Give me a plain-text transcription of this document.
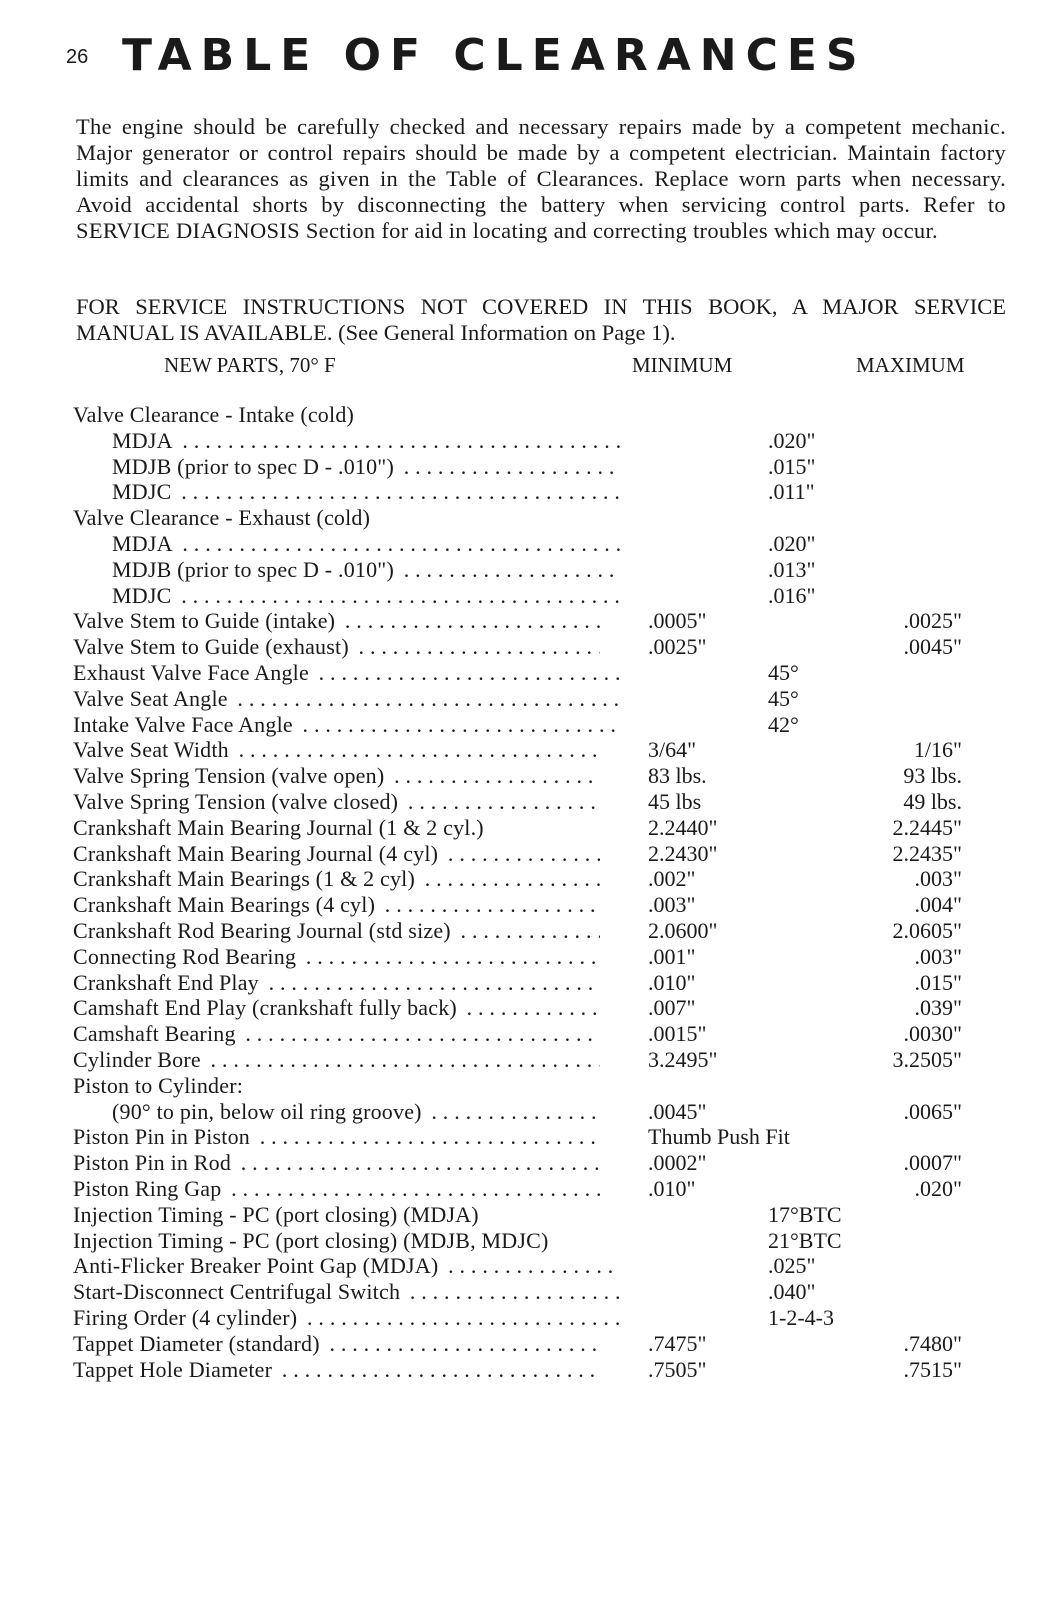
26 TABLE OF CLEARANCES
The engine should be carefully checked and necessary repairs made by a competent mechanic. Major generator or control repairs should be made by a competent electrician. Maintain factory limits and clearances as given in the Table of Clearances. Replace worn parts when necessary. Avoid accidental shorts by disconnecting the battery when servicing control parts. Refer to SERVICE DIAGNOSIS Section for aid in locating and correcting troubles which may occur.
FOR SERVICE INSTRUCTIONS NOT COVERED IN THIS BOOK, A MAJOR SERVICE MANUAL IS AVAILABLE. (See General Information on Page 1).
NEW PARTS, 70° F	MINIMUM	MAXIMUM
Valve Clearance - Intake (cold)
MDJA . . .	.020"
MDJB (prior to spec D - .010") . . .	.015"
MDJC . . .	.011"
Valve Clearance - Exhaust (cold)
MDJA . . .	.020"
MDJB (prior to spec D - .010") . . .	.013"
MDJC . . .	.016"
Valve Stem to Guide (intake) . . .	.0005"	.0025"
Valve Stem to Guide (exhaust) . . .	.0025"	.0045"
Exhaust Valve Face Angle . . .	45°
Valve Seat Angle . . .	45°
Intake Valve Face Angle . . .	42°
Valve Seat Width . . .	3/64"	1/16"
Valve Spring Tension (valve open) . . .	83 lbs.	93 lbs.
Valve Spring Tension (valve closed) . . .	45 lbs	49 lbs.
Crankshaft Main Bearing Journal (1 & 2 cyl.)	2.2440"	2.2445"
Crankshaft Main Bearing Journal (4 cyl) . . .	2.2430"	2.2435"
Crankshaft Main Bearings (1 & 2 cyl) . . .	.002"	.003"
Crankshaft Main Bearings (4 cyl) . . .	.003"	.004"
Crankshaft Rod Bearing Journal (std size) . . .	2.0600"	2.0605"
Connecting Rod Bearing . . .	.001"	.003"
Crankshaft End Play . . .	.010"	.015"
Camshaft End Play (crankshaft fully back) . . .	.007"	.039"
Camshaft Bearing . . .	.0015"	.0030"
Cylinder Bore . . .	3.2495"	3.2505"
Piston to Cylinder:
(90° to pin, below oil ring groove) . . .	.0045"	.0065"
Piston Pin in Piston . . .	Thumb Push Fit
Piston Pin in Rod . . .	.0002"	.0007"
Piston Ring Gap . . .	.010"	.020"
Injection Timing - PC (port closing) (MDJA)	17°BTC
Injection Timing - PC (port closing) (MDJB, MDJC)	21°BTC
Anti-Flicker Breaker Point Gap (MDJA) . . .	.025"
Start-Disconnect Centrifugal Switch . . .	.040"
Firing Order (4 cylinder) . . .	1-2-4-3
Tappet Diameter (standard) . . .	.7475"	.7480"
Tappet Hole Diameter . . .	.7505"	.7515"
